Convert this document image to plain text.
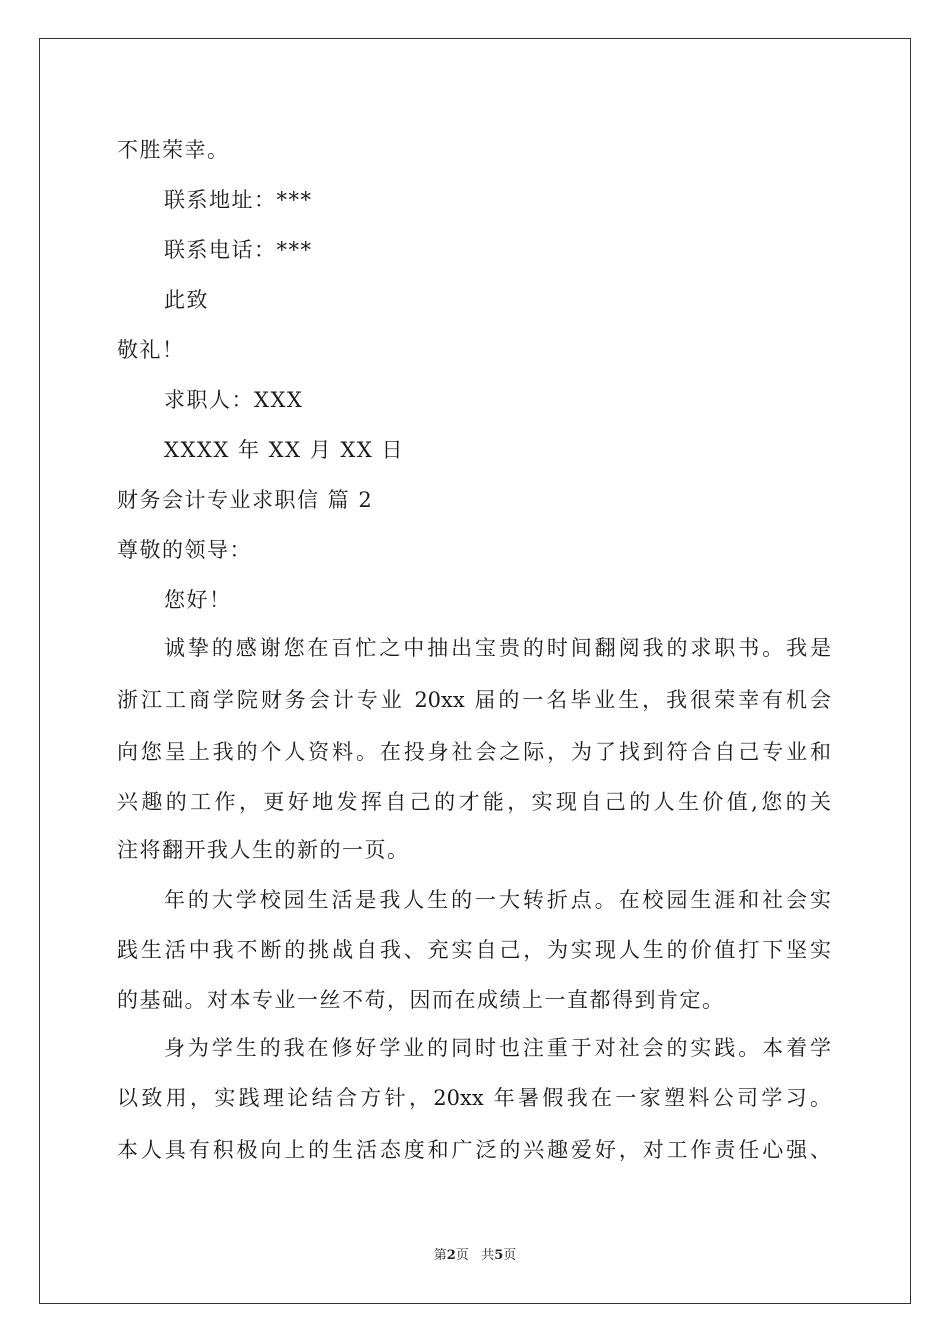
不胜荣幸。
联系地址：***
联系电话：***
此致
敬礼！
求职人：XXX
XXXX 年 XX 月 XX 日
财务会计专业求职信 篇 2
尊敬的领导：
您好！
诚挚的感谢您在百忙之中抽出宝贵的时间翻阅我的求职书。我是
浙江工商学院财务会计专业 20xx 届的一名毕业生，我很荣幸有机会
向您呈上我的个人资料。在投身社会之际，为了找到符合自己专业和
兴趣的工作，更好地发挥自己的才能，实现自己的人生价值,您的关
注将翻开我人生的新的一页。
年的大学校园生活是我人生的一大转折点。在校园生涯和社会实
践生活中我不断的挑战自我、充实自己，为实现人生的价值打下坚实
的基础。对本专业一丝不苟，因而在成绩上一直都得到肯定。
身为学生的我在修好学业的同时也注重于对社会的实践。本着学
以致用，实践理论结合方针，20xx 年暑假我在一家塑料公司学习。
本人具有积极向上的生活态度和广泛的兴趣爱好，对工作责任心强、
第2页   共5页
